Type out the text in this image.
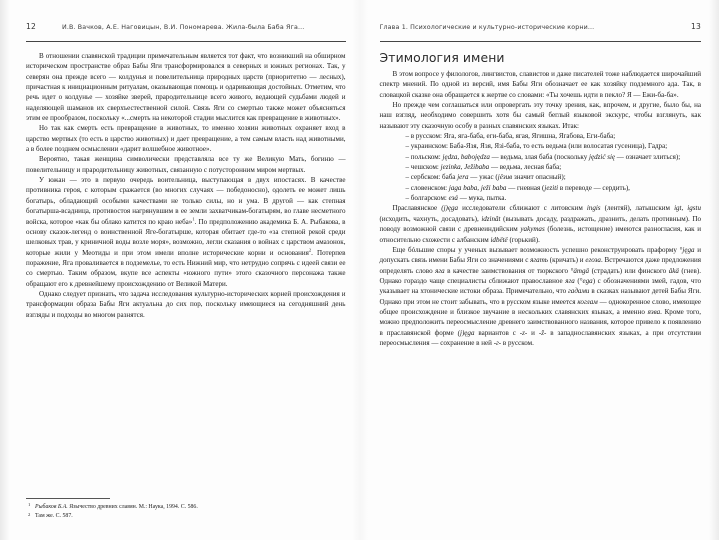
12	И.В. Вачков, А.Е. Наговицын, В.И. Пономарева. Жила-была Баба Яга...

В отношении славянской традиции примечательным является тот факт, что возникший на обширном историческом пространстве образ Бабы Яги трансформировался в северных и южных регионах. Так, у северян она прежде всего — колдунья и повелительница природных царств (приоритетно — лесных), причастная к инициационным ритуалам, оказывающая помощь и одаривающая достойных. Отметим, что речь идет о колдунье — хозяйке зверей, прародительнице всего живого, ведающей судьбами людей и наделяющей шаманов их сверхъестественной силой. Связь Яги со смертью также может объясняться этим ее прообразом, поскольку «...смерть на некоторой стадии мыслится как превращение в животных».

Но так как смерть есть превращение в животных, то именно хозяин животных охраняет вход в царство мертвых (то есть в царство животных) и дает превращение, а тем самым власть над животными, а в более позднем осмыслении «дарит волшебное животное».

Вероятно, такая женщина символически представляла все ту же Великую Мать, богиню — повелительницу и прародительницу животных, связанную с потусторонним миром мертвых.

У южан — это в первую очередь воительница, выступающая в двух ипостасях. В качестве противника героя, с которым сражается (во многих случаях — победоносно), одолеть ее может лишь богатырь, обладающий особыми качествами не только силы, но и ума. В другой — как степная богатырша-всадница, противостоя нагрянувшим в ее земли захватчикам-богатырям, во главе несметного войска, которое «как бы облако катится по краю неба»$^1$. По предположению академика Б. А. Рыбакова, в основу сказок-легенд о воинственной Яге-богатырше, которая обитает где-то «за степной рекой среди шелковых трав, у криничной воды возле моря», возможно, легли сказания о войнах с царством амазонок, которые жили у Меотиды и при этом имели вполне исторические корни и основания$^2$. Потерпев поражение, Яга проваливается в подземелье, то есть Нижний мир, что нетрудно сопрячь с идеей связи ее со смертью. Таким образом, вкупе все аспекты «южного пути» этого сказочного персонажа также обращают его к древнейшему происхождению от Великой Матери.

Однако следует признать, что задача исследования культурно-исторических корней происхождения и трансформации образа Бабы Яги актуальна до сих пор, поскольку имеющиеся на сегодняшний день взгляды и подходы во многом разнятся.

1 Рыбаков Б.А. Язычество древних славян. М.: Наука, 1994. С. 586.

2 Там же. С. 587.

Глава 1. Психологические и культурно-исторические корни...	13
Этимология имени

В этом вопросе у филологов, лингвистов, славистов и даже писателей тоже наблюдается широчайший спектр мнений. По одной из версий, имя Бабы Яги обозначает ее как хозяйку подземного ада. Так, в словацкой сказке она обращается к жертве со словами: «Ты хочешь идти в пекло? Я — Ежи-ба-ба».

Но прежде чем соглашаться или опровергать эту точку зрения, как, впрочем, и другие, было бы, на наш взгляд, необходимо совершить хотя бы самый беглый языковой экскурс, чтобы взглянуть, как называют эту сказочную особу в разных славянских языках. Итак:

– в русском: Яга, яга-баба, еги-баба, ягая, Ягишна, Ягабова, Еги-баба;

– украинском: Баба-Язя, Язя, Язі-баба, то есть ведьма (или волосатая гусеница), Гадра;

– польском: jędza, babojędza — ведьма, злая баба (поскольку jędzić się — означает злиться);

– чешском: jezinka, Ježibaba — ведьма, лесная баба;

– сербском: баба jera — ужас (jёзив значит опасный);

– словенском: jaga baba, ježi baba — гневная (jeziti в переводе — сердить),

– болгарском: езá — мука, пытка.

Праславянское (j)ęga исследователи сближают с литовским ingis (лентяй), латышским igt, igstu (исходить, чахнуть, досадовать), idzinât (вызывать досаду, раздражать, дразнить, делать противным). По поводу возможной связи с древнеиндийским yakymas (болезнь, истощение) имеются разногласия, как и относительно схожести с албанским idbëtë (горький).

Еще бóльшие споры у ученых вызывает возможность успешно реконструировать праформу °jęga и допускать связь имени Бабы Яги со значениями с ягать (кричать) и егоза. Встречаются даже предложения определять слово яга в качестве заимствования от тюркского °ämgä (страдать) или финского äkä (гнев). Однако гораздо чаще специалисты сближают православное яга (°ega) с обозначениями змей, гадов, что указывает на хтонические истоки образа. Примечательно, что гадами в сказках называют детей Бабы Яги. Однако при этом не стоит забывать, что в русском языке имеется коглам — однокоренное слово, имеющее общее происхождение и близкое звучание в нескольких славянских языках, а именно язва. Кроме того, можно предположить переосмысление древнего заимствованного названия, которое привело к появлению в праславянской форме (j)ęga вариантов с -z- и -ž- в западнославянских языках, а при отсутствии переосмысления — сохранение в ней -г- в русском.
